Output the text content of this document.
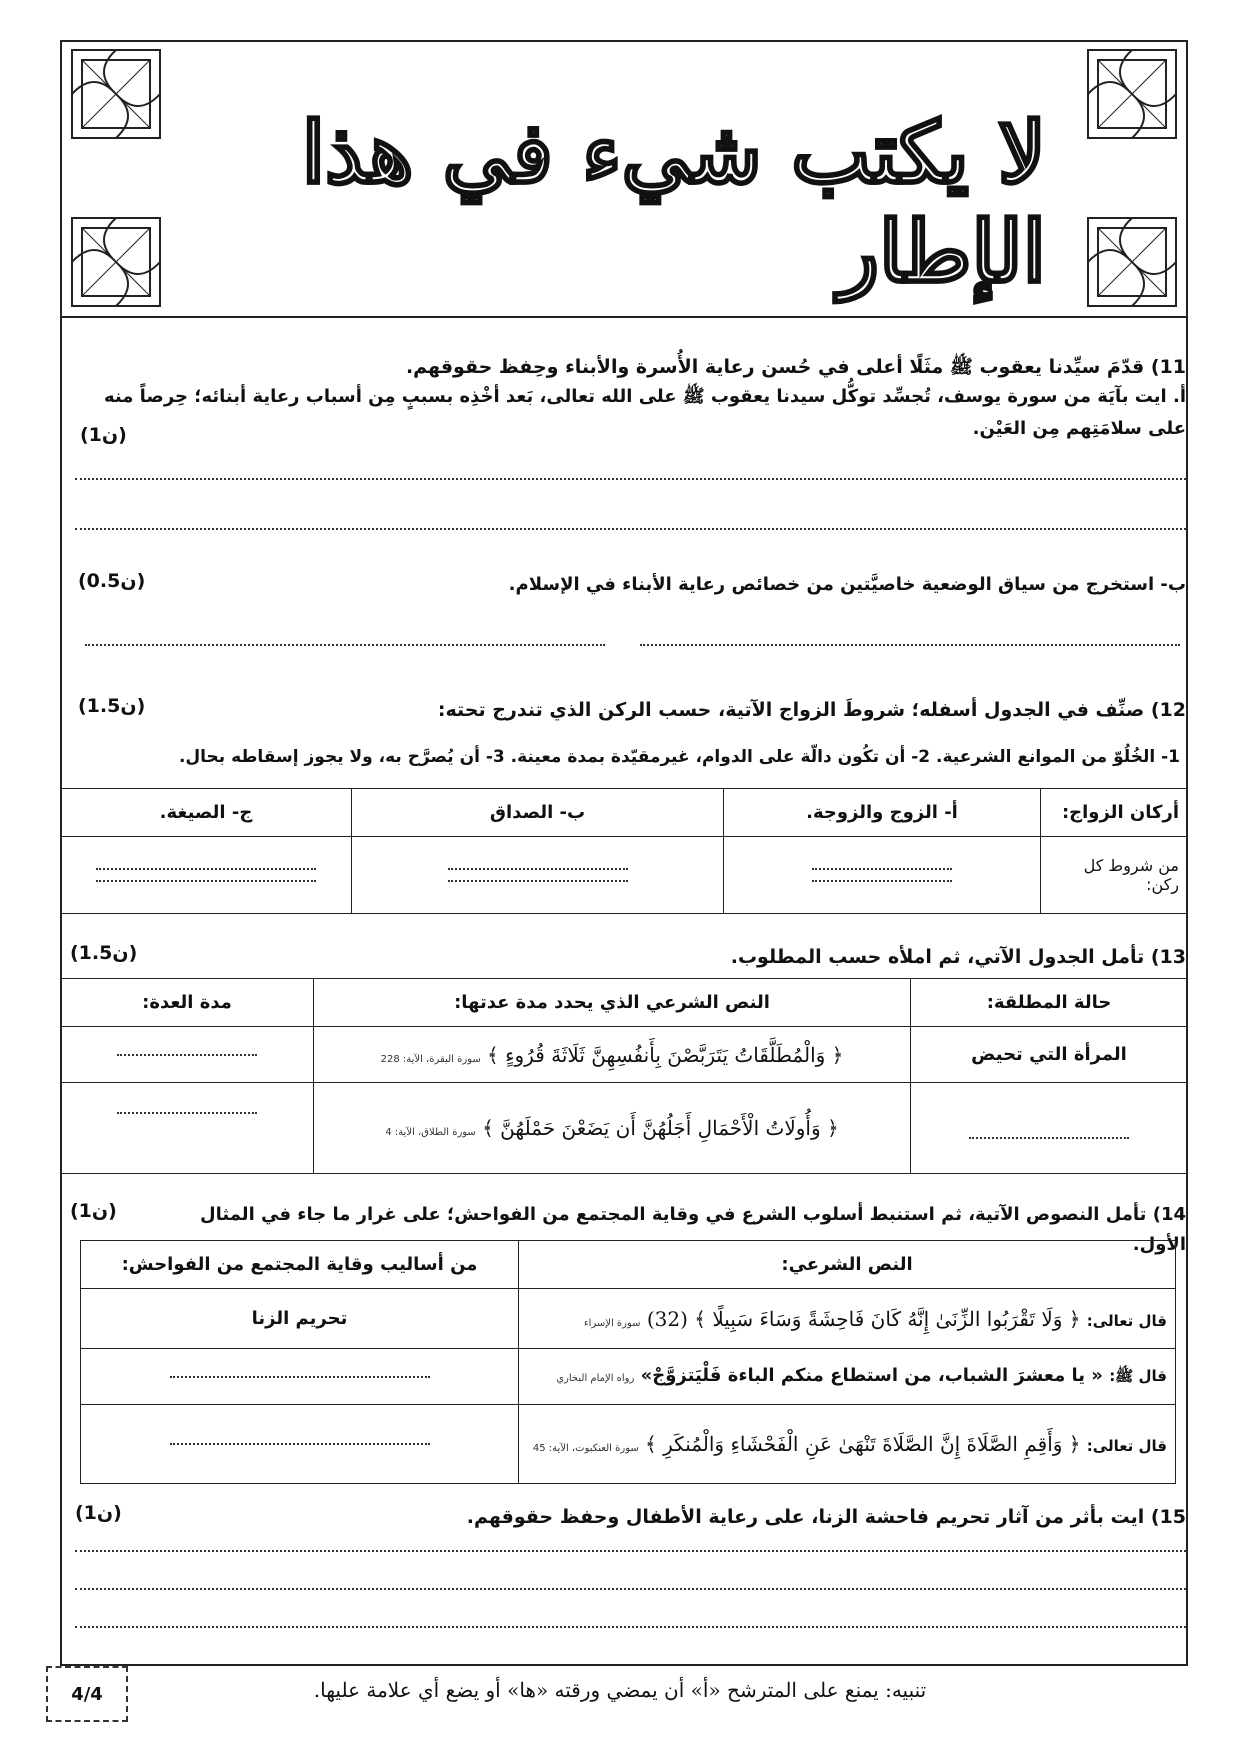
لا يكتب شيء في هذا الإطار
11) قدّمَ سيِّدنا يعقوب ﷺ مثَلًا أعلى في حُسن رعاية الأُسرة والأبناء وحِفظ حقوقهم.
أ. ايت بآيَة من سورة يوسف، تُجسِّد توكُّل سيدنا يعقوب ﷺ على الله تعالى، بَعد أخْذِه بسببٍ مِن أسباب رعاية أبنائه؛ حِرصاً منه
على سلامَتِهم مِن العَيْن.
(1ن)
ب- استخرج من سياق الوضعية خاصيَّتين من خصائص رعاية الأبناء في الإسلام.
(0.5ن)
12) صنِّف في الجدول أسفله؛ شروطَ الزواج الآتية، حسب الركن الذي تندرج تحته:
(1.5ن)
1- الخُلُوّ من الموانع الشرعية. 2- أن تكُون دالّة على الدوام، غيرمقيّدة بمدة معينة. 3- أن يُصرَّح به، ولا يجوز إسقاطه بحال.
أركان الزواج:	أ- الزوج والزوجة.	ب- الصداق	ج- الصيغة.
من شروط كل ركن:	

13) تأمل الجدول الآتي، ثم املأه حسب المطلوب.
(1.5ن)
حالة المطلقة:	النص الشرعي الذي يحدد مدة عدتها:	مدة العدة:
المرأة التي تحيض	﴿ وَالْمُطَلَّقَاتُ يَتَرَبَّصْنَ بِأَنفُسِهِنَّ ثَلَاثَةَ قُرُوءٍ ﴾ سورة البقرة، الآية: 228	

	﴿ وَأُولَاتُ الْأَحْمَالِ أَجَلُهُنَّ أَن يَضَعْنَ حَمْلَهُنَّ ﴾ سورة الطلاق، الآية: 4	
14) تأمل النصوص الآتية، ثم استنبط أسلوب الشرع في وقاية المجتمع من الفواحش؛ على غرار ما جاء في المثال الأول.
(1ن)
النص الشرعي:	من أساليب وقاية المجتمع من الفواحش:
قال تعالى: ﴿ وَلَا تَقْرَبُوا الزِّنَىٰ إِنَّهُ كَانَ فَاحِشَةً وَسَاءَ سَبِيلًا ﴾ (32) سورة الإسراء	تحريم الزنا
قال ﷺ: « يا معشرَ الشباب، من استطاع منكم الباءة فَلْيَتزوَّجْ» رواه الإمام البخاري	

قال تعالى: ﴿ وَأَقِمِ الصَّلَاةَ إِنَّ الصَّلَاةَ تَنْهَىٰ عَنِ الْفَحْشَاءِ وَالْمُنكَرِ ﴾ سورة العنكبوت، الآية: 45	
15) ايت بأثر من آثار تحريم فاحشة الزنا، على رعاية الأطفال وحفظ حقوقهم.
(1ن)
4/4	تنبيه: يمنع على المترشح «أ» أن يمضي ورقته «ها» أو يضع أي علامة عليها.
